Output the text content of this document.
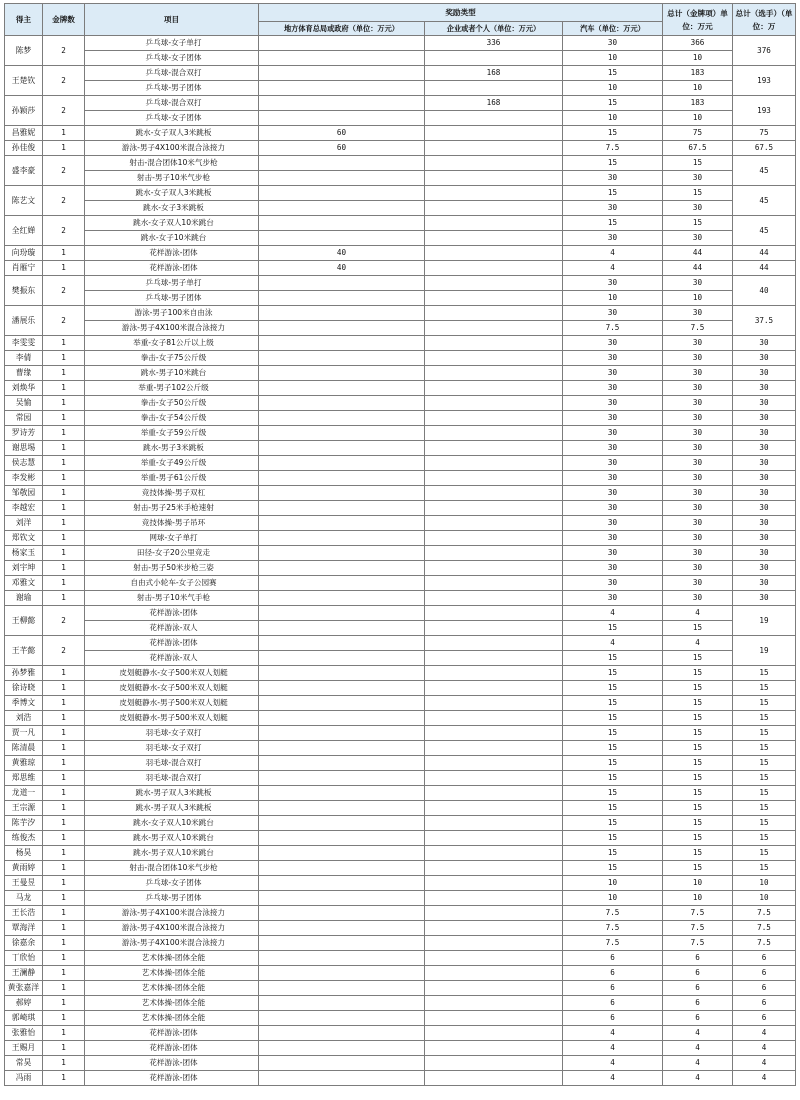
得主	金牌数	项目	奖励类型			总计（金牌项）单位：万元	总计（选手）（单位：万
			地方体育总局或政府（单位：万元）	企业或者个人（单位：万元）	汽车（单位：万元）		
陈梦	2	乒乓球-女子单打		336	30	366	376
		乒乓球-女子团体			10	10	
王楚钦	2	乒乓球-混合双打		168	15	183	193
		乒乓球-男子团体			10	10	
孙颖莎	2	乒乓球-混合双打		168	15	183	193
		乒乓球-女子团体			10	10	
昌雅妮	1	跳水-女子双人3米跳板	60		15	75	75
孙佳俊	1	游泳-男子4X100米混合泳接力	60		7.5	67.5	67.5
盛李豪	2	射击-混合团体10米气步枪			15	15	45
		射击-男子10米气步枪			30	30	
陈艺文	2	跳水-女子双人3米跳板			15	15	45
		跳水-女子3米跳板			30	30	
全红婵	2	跳水-女子双人10米跳台			15	15	45
		跳水-女子10米跳台			30	30	
向玢璇	1	花样游泳-团体	40		4	44	44
肖雁宁	1	花样游泳-团体	40		4	44	44
樊振东	2	乒乓球-男子单打			30	30	40
		乒乓球-男子团体			10	10	
潘展乐	2	游泳-男子100米自由泳			30	30	37.5
		游泳-男子4X100米混合泳接力			7.5	7.5	
李雯雯	1	举重-女子81公斤以上级			30	30	30
李倩	1	拳击-女子75公斤级			30	30	30
曹缘	1	跳水-男子10米跳台			30	30	30
刘焕华	1	举重-男子102公斤级			30	30	30
吴愉	1	拳击-女子50公斤级			30	30	30
常园	1	拳击-女子54公斤级			30	30	30
罗诗芳	1	举重-女子59公斤级			30	30	30
谢思埸	1	跳水-男子3米跳板			30	30	30
侯志慧	1	举重-女子49公斤级			30	30	30
李发彬	1	举重-男子61公斤级			30	30	30
邹敬园	1	竞技体操-男子双杠			30	30	30
李越宏	1	射击-男子25米手枪速射			30	30	30
刘洋	1	竞技体操-男子吊环			30	30	30
郑钦文	1	网球-女子单打			30	30	30
杨家玉	1	田径-女子20公里竞走			30	30	30
刘宇坤	1	射击-男子50米步枪三姿			30	30	30
邓雅文	1	自由式小轮车-女子公园赛			30	30	30
谢瑜	1	射击-男子10米气手枪			30	30	30
王柳懿	2	花样游泳-团体			4	4	19
		花样游泳-双人			15	15	
王芊懿	2	花样游泳-团体			4	4	19
		花样游泳-双人			15	15	
孙梦雅	1	皮划艇静水-女子500米双人划艇			15	15	15
徐诗晓	1	皮划艇静水-女子500米双人划艇			15	15	15
季博文	1	皮划艇静水-男子500米双人划艇			15	15	15
刘浩	1	皮划艇静水-男子500米双人划艇			15	15	15
贾一凡	1	羽毛球-女子双打			15	15	15
陈清晨	1	羽毛球-女子双打			15	15	15
黄雅琼	1	羽毛球-混合双打			15	15	15
郑思维	1	羽毛球-混合双打			15	15	15
龙道一	1	跳水-男子双人3米跳板			15	15	15
王宗源	1	跳水-男子双人3米跳板			15	15	15
陈芋汐	1	跳水-女子双人10米跳台			15	15	15
练俊杰	1	跳水-男子双人10米跳台			15	15	15
杨昊	1	跳水-男子双人10米跳台			15	15	15
黄雨婷	1	射击-混合团体10米气步枪			15	15	15
王曼昱	1	乒乓球-女子团体			10	10	10
马龙	1	乒乓球-男子团体			10	10	10
王长浩	1	游泳-男子4X100米混合泳接力			7.5	7.5	7.5
覃海洋	1	游泳-男子4X100米混合泳接力			7.5	7.5	7.5
徐嘉余	1	游泳-男子4X100米混合泳接力			7.5	7.5	7.5
丁欣怡	1	艺术体操-团体全能			6	6	6
王澜静	1	艺术体操-团体全能			6	6	6
黄张嘉洋	1	艺术体操-团体全能			6	6	6
郝婷	1	艺术体操-团体全能			6	6	6
郭崎琪	1	艺术体操-团体全能			6	6	6
张雅怡	1	花样游泳-团体			4	4	4
王赐月	1	花样游泳-团体			4	4	4
常昊	1	花样游泳-团体			4	4	4
冯雨	1	花样游泳-团体			4	4	4
